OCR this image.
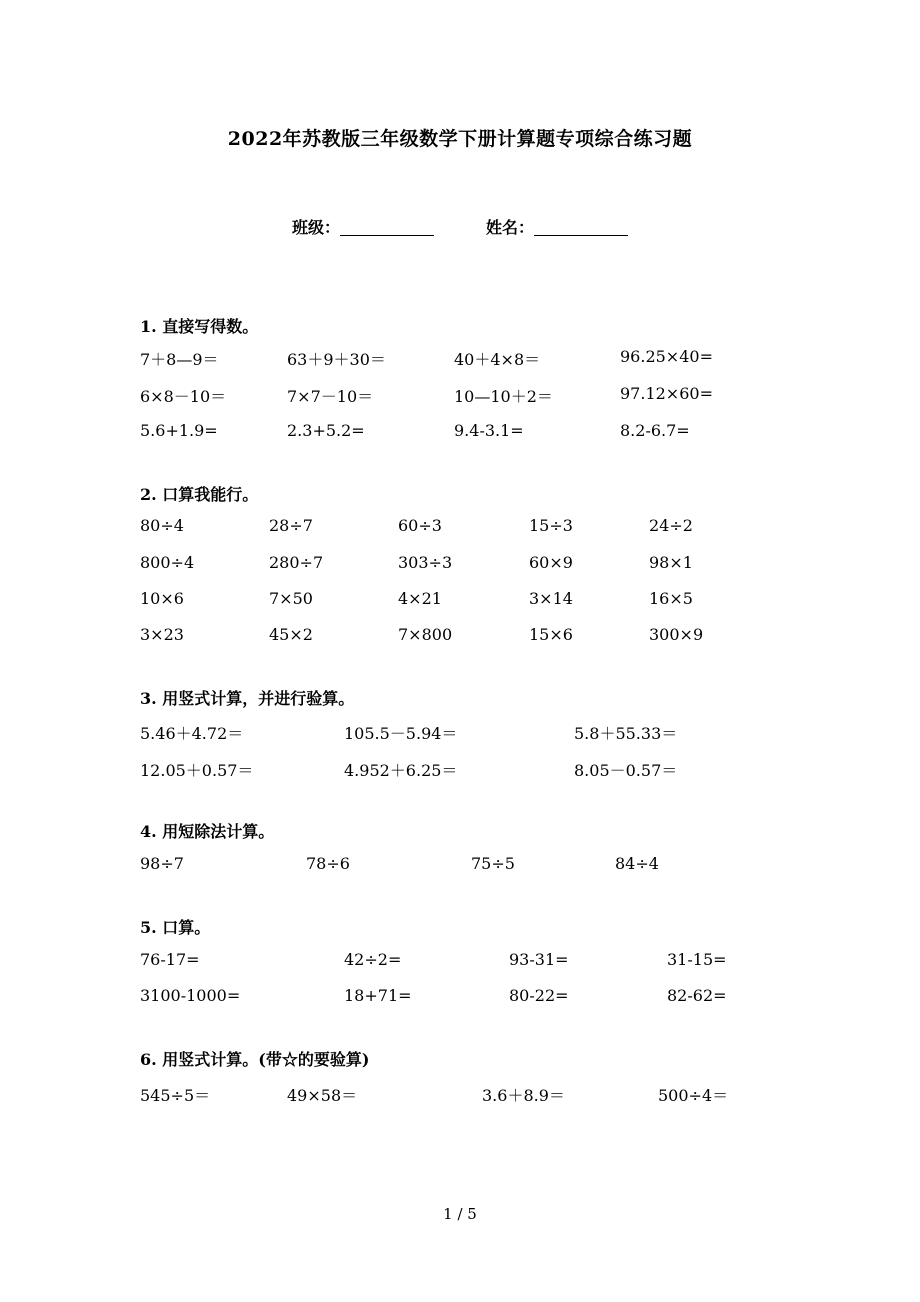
2022年苏教版三年级数学下册计算题专项综合练习题
班级：	姓名：
1. 直接写得数。
7＋8—9＝	63＋9＋30＝	40＋4×8＝	96.25×40=
6×8－10＝	7×7－10＝	10—10＋2＝	97.12×60=
5.6+1.9=	2.3+5.2=	9.4-3.1=	8.2-6.7=
2. 口算我能行。
80÷4	28÷7	60÷3	15÷3	24÷2
800÷4	280÷7	303÷3	60×9	98×1
10×6	7×50	4×21	3×14	16×5
3×23	45×2	7×800	15×6	300×9
3. 用竖式计算，并进行验算。
5.46＋4.72＝	105.5－5.94＝	5.8＋55.33＝
12.05＋0.57＝	4.952＋6.25＝	8.05－0.57＝
4. 用短除法计算。
98÷7	78÷6	75÷5	84÷4
5. 口算。
76-17=	42÷2=	93-31=	31-15=
3100-1000=	18+71=	80-22=	82-62=
6. 用竖式计算。(带☆的要验算)
545÷5＝	49×58＝	3.6＋8.9＝	500÷4＝
1 / 5
